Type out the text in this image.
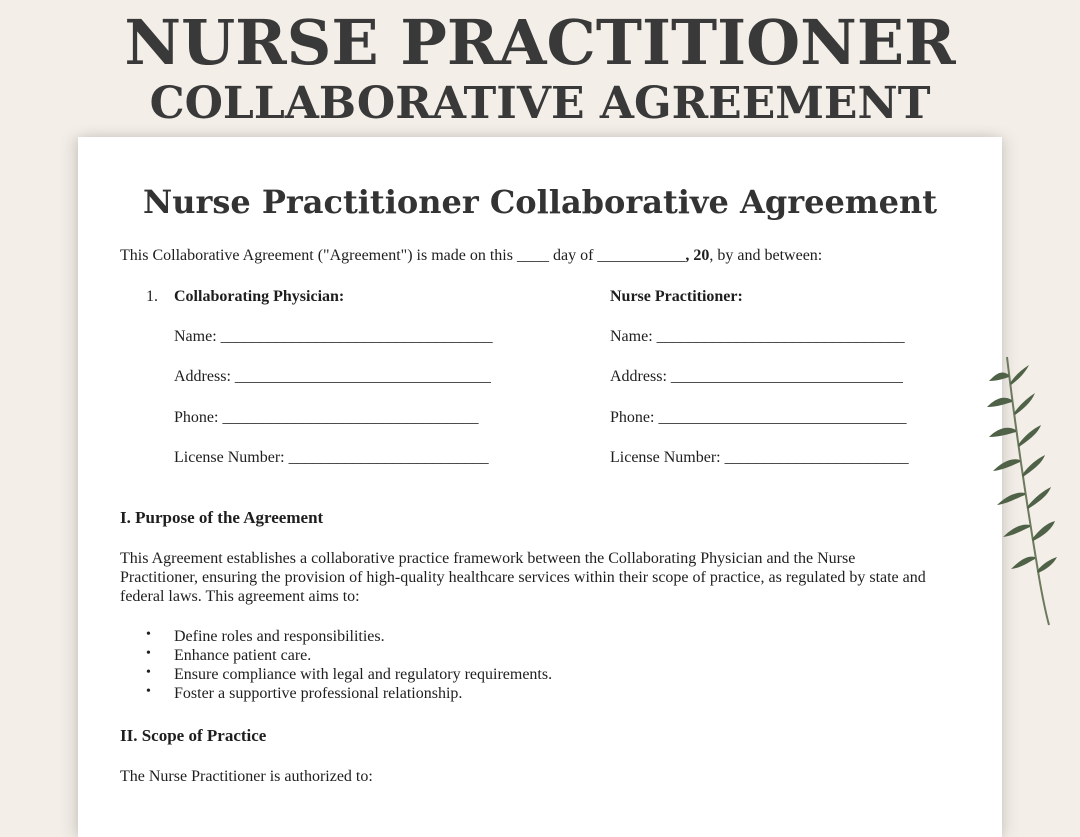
NURSE PRACTITIONER
COLLABORATIVE AGREEMENT
Nurse Practitioner Collaborative Agreement
This Collaborative Agreement ("Agreement") is made on this ____ day of ___________, 20, by and between:
1. Collaborating Physician:
Name: __________________________________
Address: ________________________________
Phone: ________________________________
License Number: _________________________
Nurse Practitioner:
Name: _______________________________
Address: _____________________________
Phone: _______________________________
License Number: _______________________
I. Purpose of the Agreement
This Agreement establishes a collaborative practice framework between the Collaborating Physician and the Nurse
Practitioner, ensuring the provision of high-quality healthcare services within their scope of practice, as regulated by state and
federal laws. This agreement aims to:
• Define roles and responsibilities.
• Enhance patient care.
• Ensure compliance with legal and regulatory requirements.
• Foster a supportive professional relationship.
II. Scope of Practice
The Nurse Practitioner is authorized to:
